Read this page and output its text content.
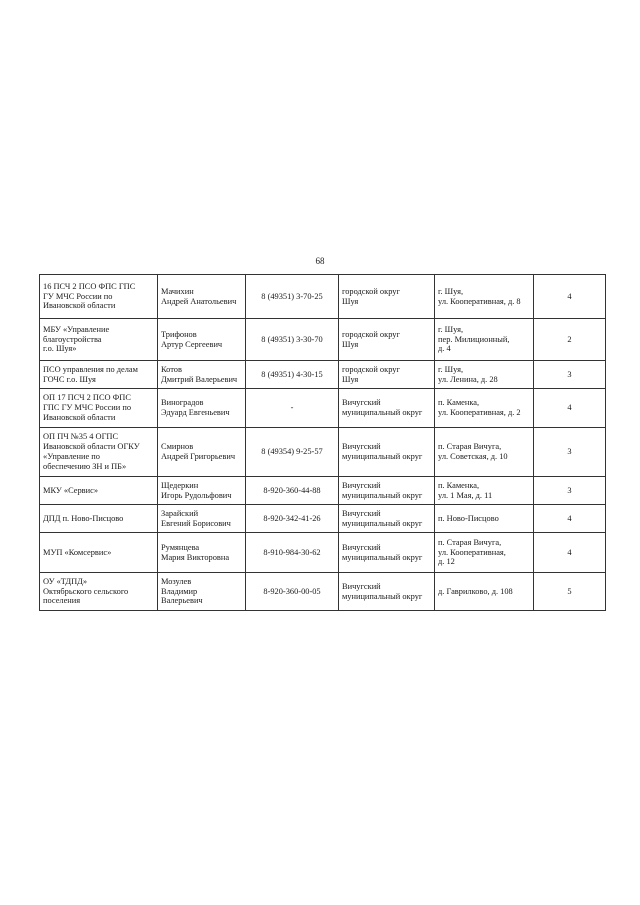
68
16 ПСЧ 2 ПСО ФПС ГПС
ГУ МЧС России по
Ивановской области	Мачихин
Андрей Анатольевич	8 (49351) 3-70-25	городской округ
Шуя	г. Шуя,
ул. Кооперативная, д. 8	4

МБУ «Управление
благоустройства
г.о. Шуя»	Трифонов
Артур Сергеевич	8 (49351) 3-30-70	городской округ
Шуя	г. Шуя,
пер. Милиционный,
д. 4	2

ПСО управления по делам
ГОЧС г.о. Шуя	Котов
Дмитрий Валерьевич	8 (49351) 4-30-15	городской округ
Шуя	г. Шуя,
ул. Ленина, д. 28	3

ОП 17 ПСЧ 2 ПСО ФПС
ГПС ГУ МЧС России по
Ивановской области	Виноградов
Эдуард Евгеньевич	-	Вичугский
муниципальный округ	п. Каменка,
ул. Кооперативная, д. 2	4

ОП ПЧ №35 4 ОГПС
Ивановской области ОГКУ
«Управление по
обеспечению ЗН и ПБ»	Смирнов
Андрей Григорьевич	8 (49354) 9-25-57	Вичугский
муниципальный округ	п. Старая Вичуга,
ул. Советская, д. 10	3

МКУ «Сервис»	Щедеркин
Игорь Рудольфович	8-920-360-44-88	Вичугский
муниципальный округ	п. Каменка,
ул. 1 Мая, д. 11	3

ДПД п. Ново-Писцово	Зарайский
Евгений Борисович	8-920-342-41-26	Вичугский
муниципальный округ	п. Ново-Писцово	4

МУП «Комсервис»	Румянцева
Мария Викторовна	8-910-984-30-62	Вичугский
муниципальный округ	п. Старая Вичуга,
ул. Кооперативная,
д. 12	4

ОУ «ТДПД»
Октябрьского сельского
поселения	Мозулев
Владимир
Валерьевич	8-920-360-00-05	Вичугский
муниципальный округ	д. Гаврилково, д. 108	5
